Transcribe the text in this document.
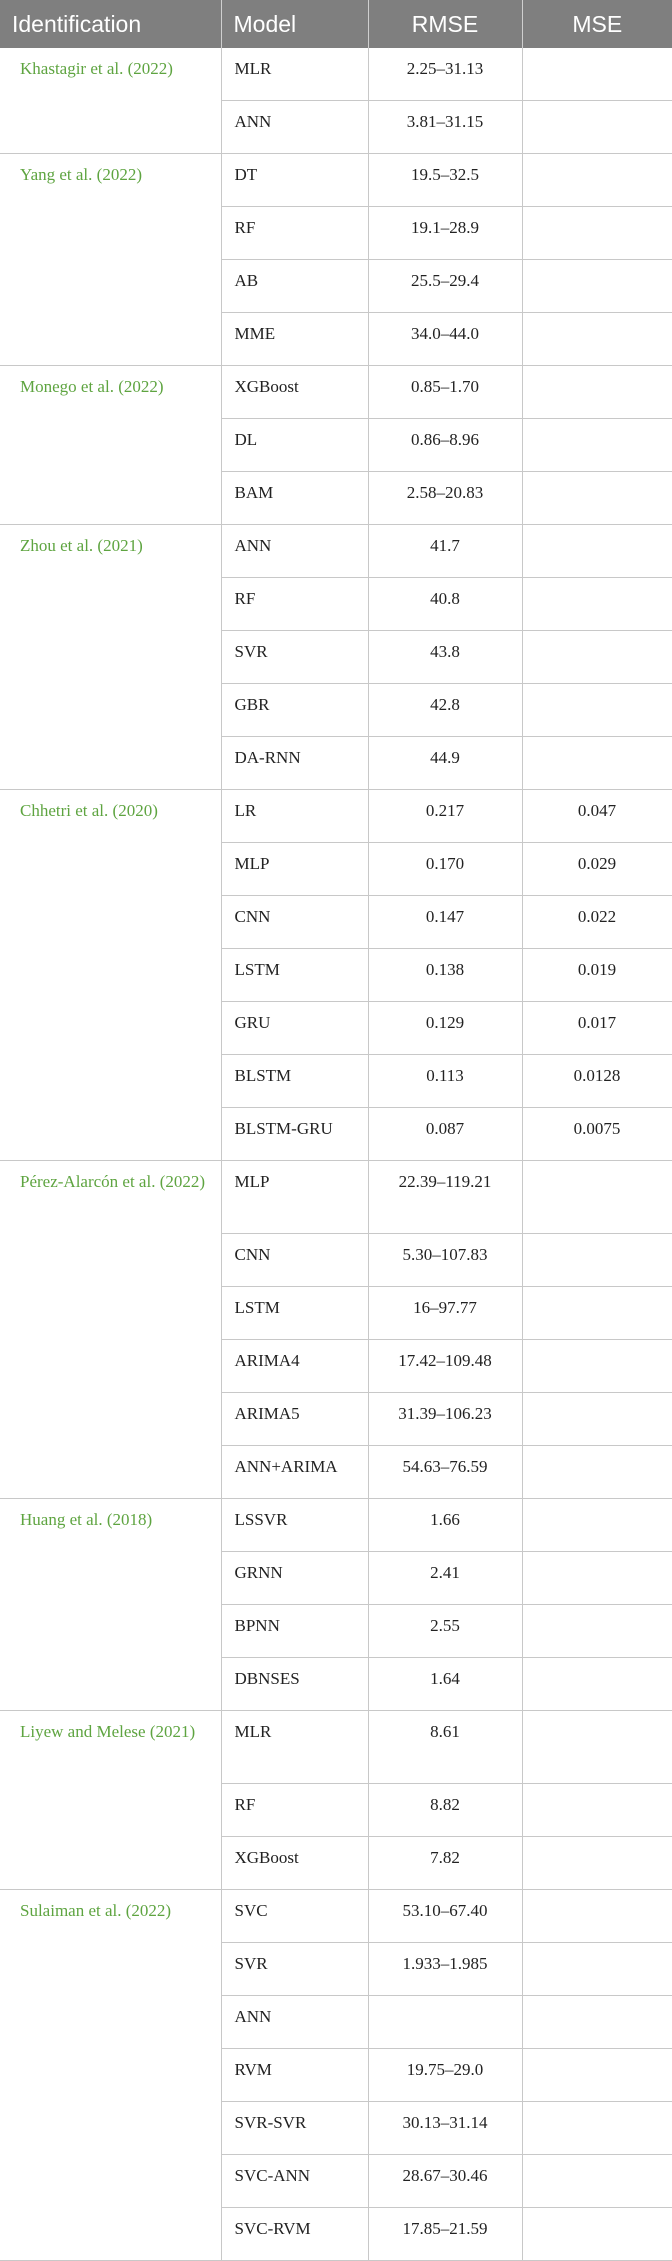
Identification	Model	RMSE	MSE
Khastagir et al. (2022)	MLR	2.25–31.13	
	ANN	3.81–31.15	
Yang et al. (2022)	DT	19.5–32.5	
	RF	19.1–28.9	
	AB	25.5–29.4	
	MME	34.0–44.0	
Monego et al. (2022)	XGBoost	0.85–1.70	
	DL	0.86–8.96	
	BAM	2.58–20.83	
Zhou et al. (2021)	ANN	41.7	
	RF	40.8	
	SVR	43.8	
	GBR	42.8	
	DA-RNN	44.9	
Chhetri et al. (2020)	LR	0.217	0.047
	MLP	0.170	0.029
	CNN	0.147	0.022
	LSTM	0.138	0.019
	GRU	0.129	0.017
	BLSTM	0.113	0.0128
	BLSTM-GRU	0.087	0.0075
Pérez-Alarcón et al. (2022)	MLP	22.39–119.21	
	CNN	5.30–107.83	
	LSTM	16–97.77	
	ARIMA4	17.42–109.48	
	ARIMA5	31.39–106.23	
	ANN+ARIMA	54.63–76.59	
Huang et al. (2018)	LSSVR	1.66	
	GRNN	2.41	
	BPNN	2.55	
	DBNSES	1.64	
Liyew and Melese (2021)	MLR	8.61	
	RF	8.82	
	XGBoost	7.82	
Sulaiman et al. (2022)	SVC	53.10–67.40	
	SVR	1.933–1.985	
	ANN		
	RVM	19.75–29.0	
	SVR-SVR	30.13–31.14	
	SVC-ANN	28.67–30.46	
	SVC-RVM	17.85–21.59	
